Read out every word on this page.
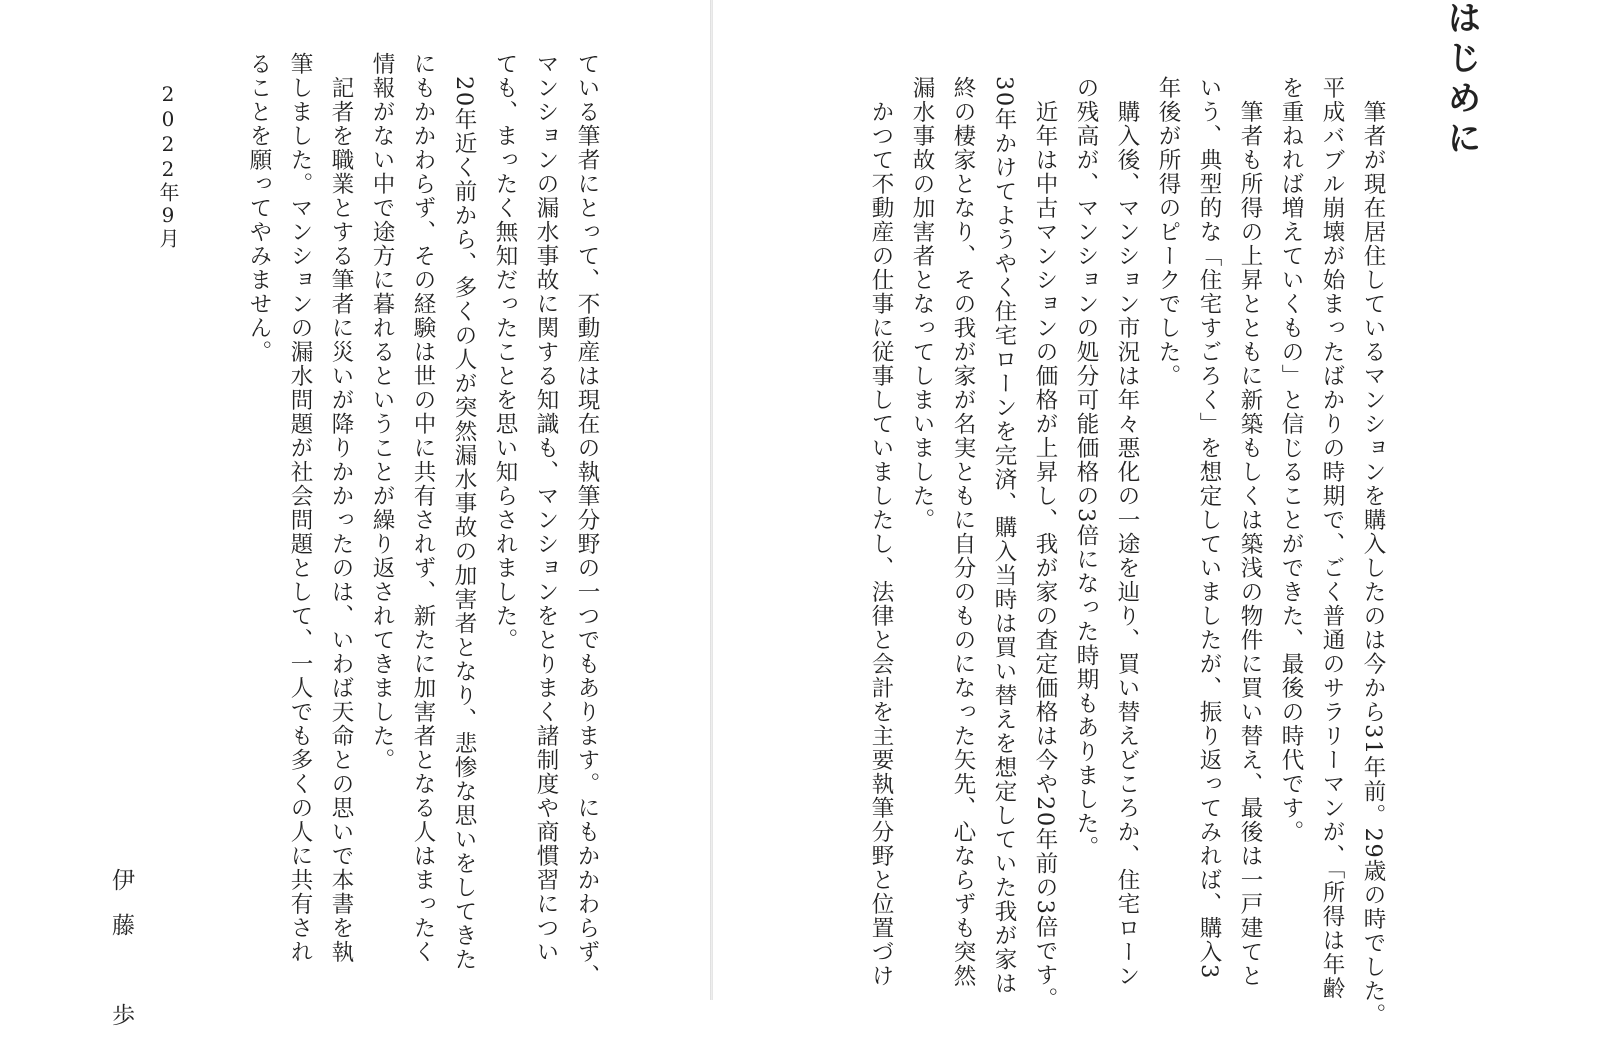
はじめに
　筆者が現在居住しているマンションを購入したのは今から31年前。29歳の時でした。
平成バブル崩壊が始まったばかりの時期で、ごく普通のサラリーマンが、「所得は年齢
を重ねれば増えていくもの」と信じることができた、最後の時代です。
　筆者も所得の上昇とともに新築もしくは築浅の物件に買い替え、最後は一戸建てと
いう、典型的な「住宅すごろく」を想定していましたが、振り返ってみれば、購入3
年後が所得のピークでした。
　購入後、マンション市況は年々悪化の一途を辿り、買い替えどころか、住宅ローン
の残高が、マンションの処分可能価格の3倍になった時期もありました。
　近年は中古マンションの価格が上昇し、我が家の査定価格は今や20年前の3倍です。
30年かけてようやく住宅ローンを完済、購入当時は買い替えを想定していた我が家は
終の棲家となり、その我が家が名実ともに自分のものになった矢先、心ならずも突然
漏水事故の加害者となってしまいました。
　かつて不動産の仕事に従事していましたし、法律と会計を主要執筆分野と位置づけ
ている筆者にとって、不動産は現在の執筆分野の一つでもあります。にもかかわらず、
マンションの漏水事故に関する知識も、マンションをとりまく諸制度や商慣習につい
ても、まったく無知だったことを思い知らされました。
　20年近く前から、多くの人が突然漏水事故の加害者となり、悲惨な思いをしてきた
にもかかわらず、その経験は世の中に共有されず、新たに加害者となる人はまったく
情報がない中で途方に暮れるということが繰り返されてきました。
　記者を職業とする筆者に災いが降りかかったのは、いわば天命との思いで本書を執
筆しました。マンションの漏水問題が社会問題として、一人でも多くの人に共有され
ることを願ってやみません。
2022年9月
伊藤　歩
